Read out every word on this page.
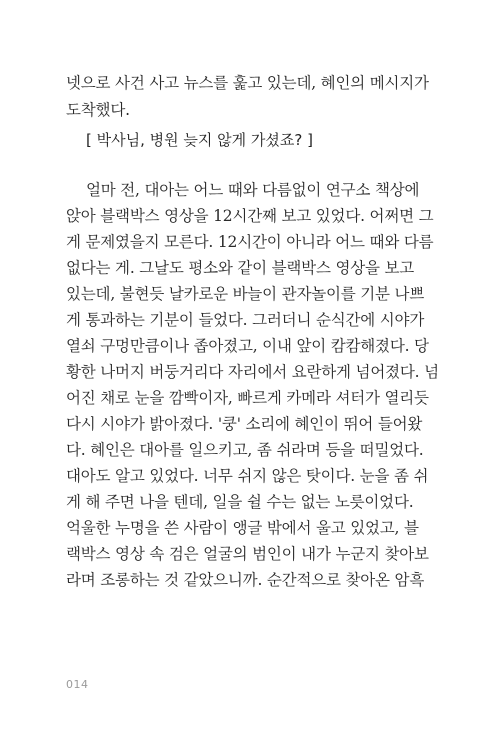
넷으로 사건 사고 뉴스를 훑고 있는데, 혜인의 메시지가
도착했다.
[ 박사님, 병원 늦지 않게 가셨죠? ]
얼마 전, 대아는 어느 때와 다름없이 연구소 책상에
앉아 블랙박스 영상을 12시간째 보고 있었다. 어쩌면 그
게 문제였을지 모른다. 12시간이 아니라 어느 때와 다름
없다는 게. 그날도 평소와 같이 블랙박스 영상을 보고
있는데, 불현듯 날카로운 바늘이 관자놀이를 기분 나쁘
게 통과하는 기분이 들었다. 그러더니 순식간에 시야가
열쇠 구멍만큼이나 좁아졌고, 이내 앞이 캄캄해졌다. 당
황한 나머지 버둥거리다 자리에서 요란하게 넘어졌다. 넘
어진 채로 눈을 깜빡이자, 빠르게 카메라 셔터가 열리듯
다시 시야가 밝아졌다. '쿵' 소리에 혜인이 뛰어 들어왔
다. 혜인은 대아를 일으키고, 좀 쉬라며 등을 떠밀었다.
대아도 알고 있었다. 너무 쉬지 않은 탓이다. 눈을 좀 쉬
게 해 주면 나을 텐데, 일을 쉴 수는 없는 노릇이었다.
억울한 누명을 쓴 사람이 앵글 밖에서 울고 있었고, 블
랙박스 영상 속 검은 얼굴의 범인이 내가 누군지 찾아보
라며 조롱하는 것 같았으니까. 순간적으로 찾아온 암흑
014
